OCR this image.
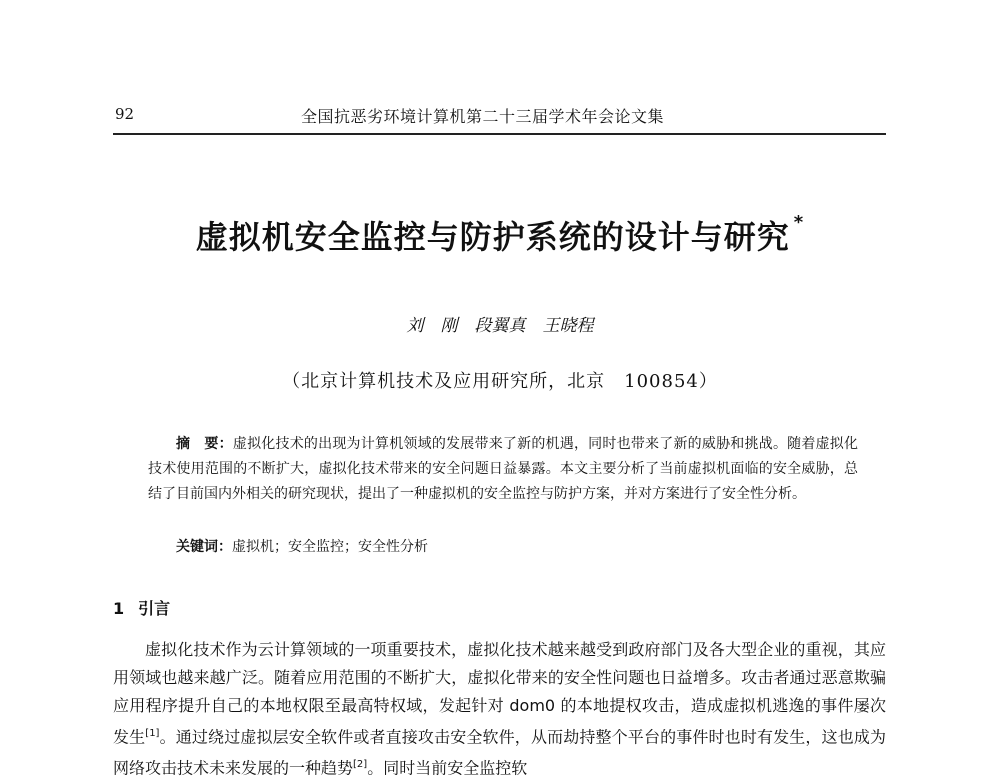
92	全国抗恶劣环境计算机第二十三届学术年会论文集
虚拟机安全监控与防护系统的设计与研究 *
刘　刚　段翼真　王晓程
（北京计算机技术及应用研究所，北京　100854）

摘　要：虚拟化技术的出现为计算机领域的发展带来了新的机遇，同时也带来了新的威胁和挑战。随着虚拟化技术使用范围的不断扩大，虚拟化技术带来的安全问题日益暴露。本文主要分析了当前虚拟机面临的安全威胁，总结了目前国内外相关的研究现状，提出了一种虚拟机的安全监控与防护方案，并对方案进行了安全性分析。

关键词：虚拟机；安全监控；安全性分析
1 引言

虚拟化技术作为云计算领域的一项重要技术，虚拟化技术越来越受到政府部门及各大型企业的重视，其应用领域也越来越广泛。随着应用范围的不断扩大，虚拟化带来的安全性问题也日益增多。攻击者通过恶意欺骗应用程序提升自己的本地权限至最高特权域，发起针对 dom0 的本地提权攻击，造成虚拟机逃逸的事件屡次发生[1]。通过绕过虚拟层安全软件或者直接攻击安全软件，从而劫持整个平台的事件时也时有发生，这也成为网络攻击技术未来发展的一种趋势[2]。同时当前安全监控软
